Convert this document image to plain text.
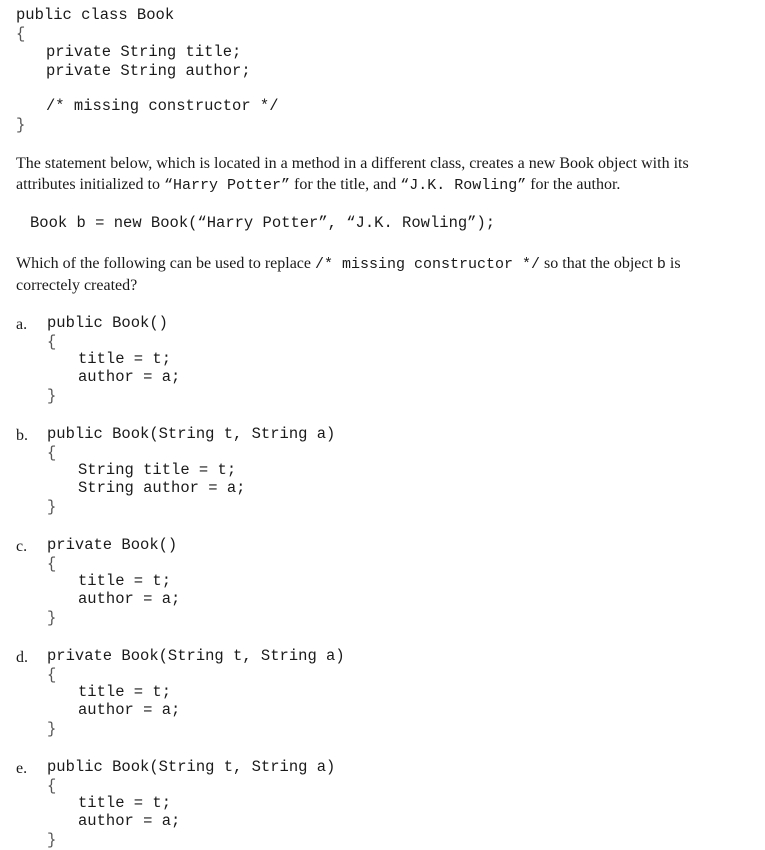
public class Book
{
private String title;
private String author;
/* missing constructor */
}
The statement below, which is located in a method in a different class, creates a new Book object with its attributes initialized to “Harry Potter” for the title, and “J.K. Rowling” for the author.
Book b = new Book(“Harry Potter”, “J.K. Rowling”);
Which of the following can be used to replace /* missing constructor */ so that the object b is correctely created?
a. public Book()
{
title = t;
author = a;
}
b. public Book(String t, String a)
{
String title = t;
String author = a;
}
c. private Book()
{
title = t;
author = a;
}
d. private Book(String t, String a)
{
title = t;
author = a;
}
e. public Book(String t, String a)
{
title = t;
author = a;
}
